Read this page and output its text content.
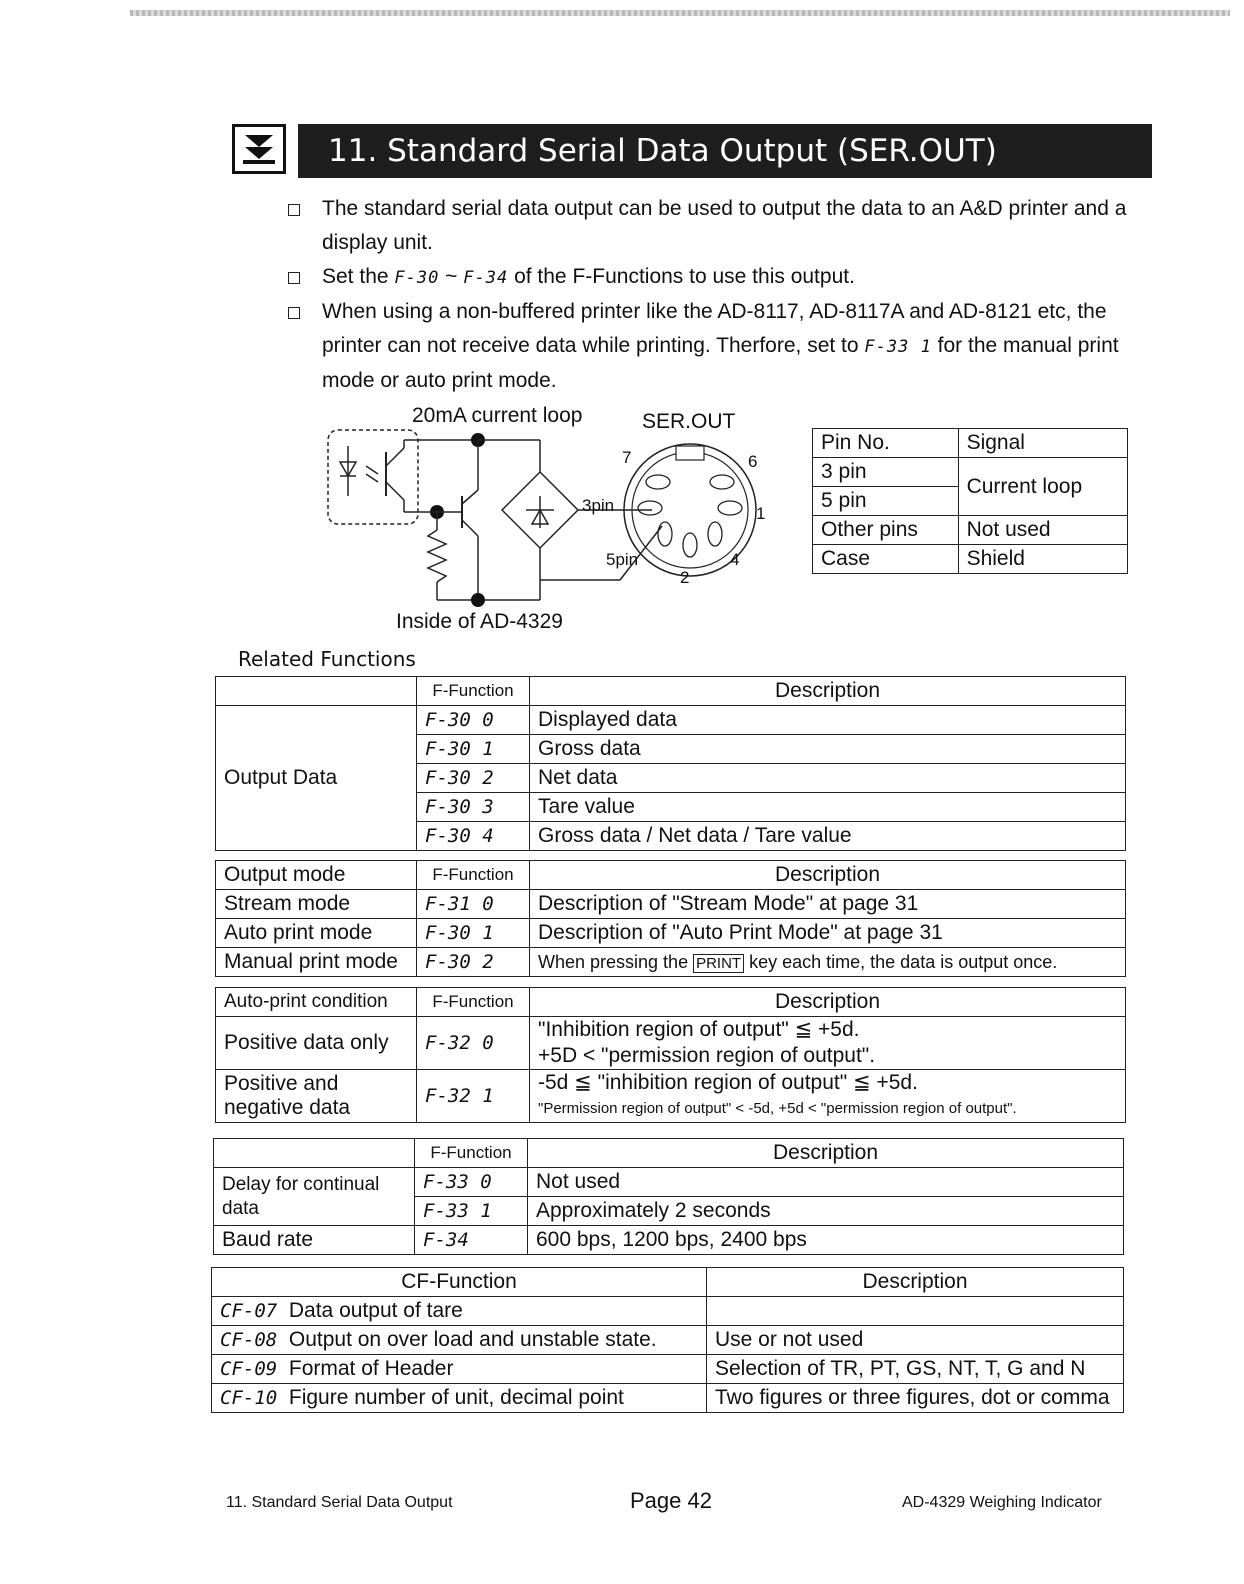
11. Standard Serial Data Output (SER.OUT)
The standard serial data output can be used to output the data to an A&D printer and a display unit.
Set the F-30 ~ F-34 of the F-Functions to use this output.
When using a non-buffered printer like the AD-8117, AD-8117A and AD-8121 etc, the printer can not receive data while printing. Therfore, set to F-33 1 for the manual print mode or auto print mode.
20mA current loop	SER.OUT
Inside of AD-4329
3pin
5pin
7	6
1
4
2
Pin No.	Signal
3 pin	Current loop
5 pin	
Other pins	Not used
Case	Shield
Related Functions
	F-Function	Description
Output Data	F-30 0	Displayed data
	F-30 1	Gross data
	F-30 2	Net data
	F-30 3	Tare value
	F-30 4	Gross data / Net data / Tare value
Output mode	F-Function	Description
Stream mode	F-31 0	Description of "Stream Mode" at page 31
Auto print mode	F-30 1	Description of "Auto Print Mode" at page 31
Manual print mode	F-30 2	When pressing the PRINT key each time, the data is output once.
Auto-print condition	F-Function	Description
Positive data only	F-32 0	"Inhibition region of output" ≦ +5d.
+5D < "permission region of output".

Positive and negative data	F-32 1	-5d ≦ "inhibition region of output" ≦ +5d.
"Permission region of output" < -5d, +5d < "permission region of output".
	F-Function	Description
Delay for continual data	F-33 0	Not used
	F-33 1	Approximately 2 seconds
Baud rate	F-34	600 bps, 1200 bps, 2400 bps
CF-Function	Description
CF-07 Data output of tare	
CF-08 Output on over load and unstable state.	Use or not used
CF-09 Format of Header	Selection of TR, PT, GS, NT, T, G and N
CF-10 Figure number of unit, decimal point	Two figures or three figures, dot or comma
11. Standard Serial Data Output	Page 42	AD-4329 Weighing Indicator
